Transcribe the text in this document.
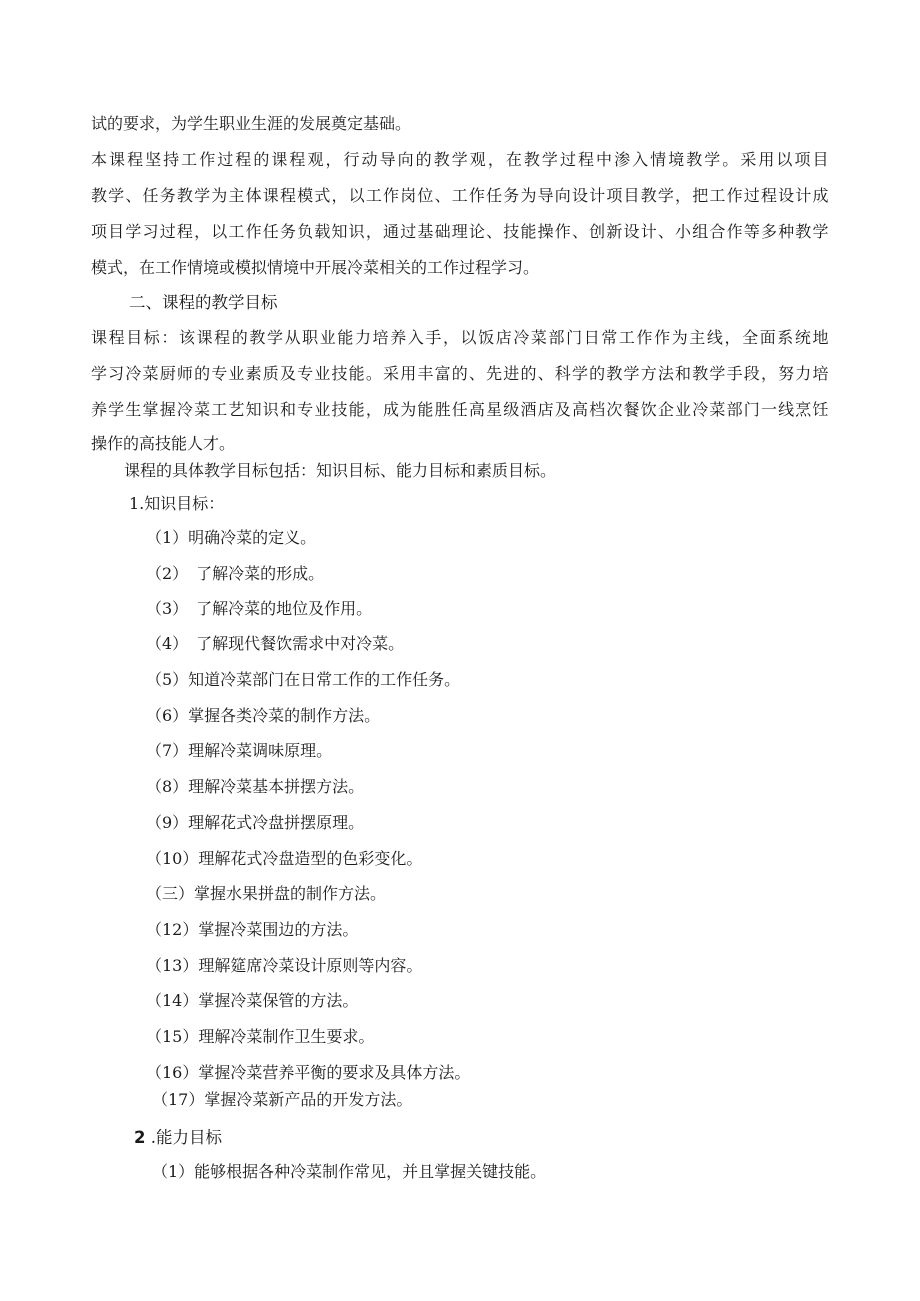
试的要求，为学生职业生涯的发展奠定基础。
本课程坚持工作过程的课程观，行动导向的教学观，在教学过程中渗入情境教学。采用以项目
教学、任务教学为主体课程模式，以工作岗位、工作任务为导向设计项目教学，把工作过程设计成
项目学习过程，以工作任务负载知识，通过基础理论、技能操作、创新设计、小组合作等多种教学
模式，在工作情境或模拟情境中开展冷菜相关的工作过程学习。
二、课程的教学目标
课程目标：该课程的教学从职业能力培养入手，以饭店冷菜部门日常工作作为主线，全面系统地
学习冷菜厨师的专业素质及专业技能。采用丰富的、先进的、科学的教学方法和教学手段，努力培
养学生掌握冷菜工艺知识和专业技能，成为能胜任高星级酒店及高档次餐饮企业冷菜部门一线烹饪
操作的高技能人才。
课程的具体教学目标包括：知识目标、能力目标和素质目标。
1.知识目标：
（1）明确冷菜的定义。
（2）　了解冷菜的形成。
（3）　了解冷菜的地位及作用。
（4）　了解现代餐饮需求中对冷菜。
（5）知道冷菜部门在日常工作的工作任务。
（6）掌握各类冷菜的制作方法。
（7）理解冷菜调味原理。
（8）理解冷菜基本拼摆方法。
（9）理解花式冷盘拼摆原理。
（10）理解花式冷盘造型的色彩变化。
（三）掌握水果拼盘的制作方法。
（12）掌握冷菜围边的方法。
（13）理解筵席冷菜设计原则等内容。
（14）掌握冷菜保管的方法。
（15）理解冷菜制作卫生要求。
（16）掌握冷菜营养平衡的要求及具体方法。
（17）掌握冷菜新产品的开发方法。
2 .能力目标
（1）能够根据各种冷菜制作常见，并且掌握关键技能。
